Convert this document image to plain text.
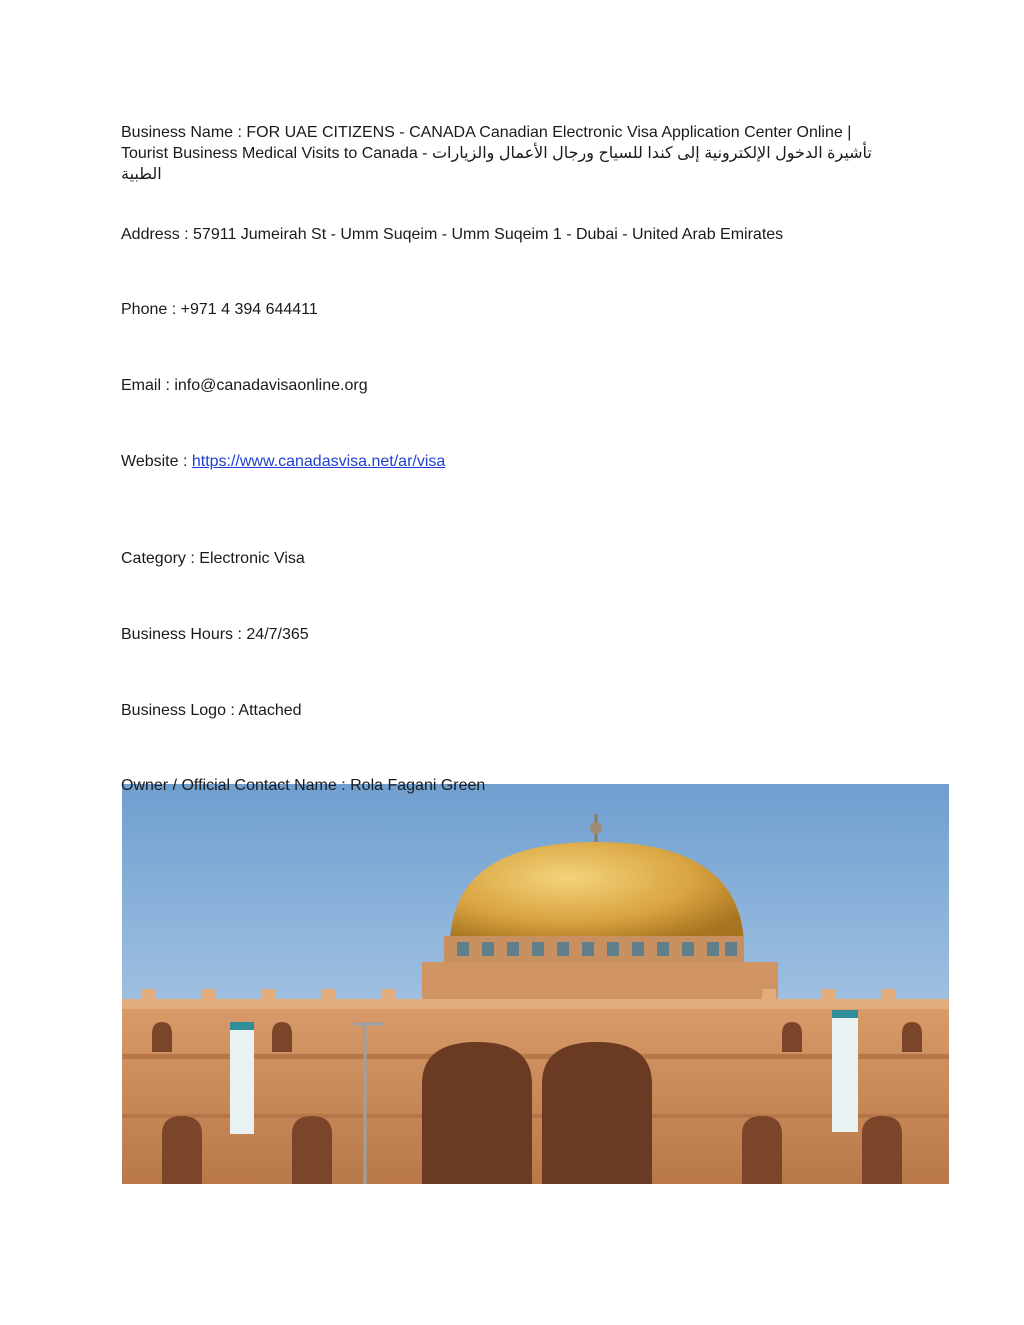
Business Name : FOR UAE CITIZENS - CANADA Canadian Electronic Visa Application Center Online |
Tourist Business Medical Visits to Canada - تأشيرة الدخول الإلكترونية إلى كندا للسياح ورجال الأعمال والزيارات الطبية
Address : 57911 Jumeirah St - Umm Suqeim - Umm Suqeim 1 - Dubai - United Arab Emirates
Phone : +971 4 394 644411
Email : info@canadavisaonline.org
Website : https://www.canadasvisa.net/ar/visa
Category : Electronic Visa
Business Hours : 24/7/365
Business Logo : Attached
Owner / Official Contact Name : Rola Fagani Green
